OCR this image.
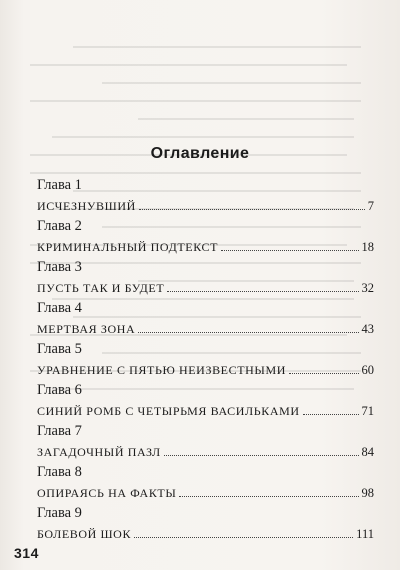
Оглавление
Глава 1
ИСЧЕЗНУВШИЙ	7
Глава 2
КРИМИНАЛЬНЫЙ ПОДТЕКСТ	18
Глава 3
ПУСТЬ ТАК И БУДЕТ	32
Глава 4
МЕРТВАЯ ЗОНА	43
Глава 5
УРАВНЕНИЕ С ПЯТЬЮ НЕИЗВЕСТНЫМИ	60
Глава 6
СИНИЙ РОМБ С ЧЕТЫРЬМЯ ВАСИЛЬКАМИ	71
Глава 7
ЗАГАДОЧНЫЙ ПАЗЛ	84
Глава 8
ОПИРАЯСЬ НА ФАКТЫ	98
Глава 9
БОЛЕВОЙ ШОК	111
314
